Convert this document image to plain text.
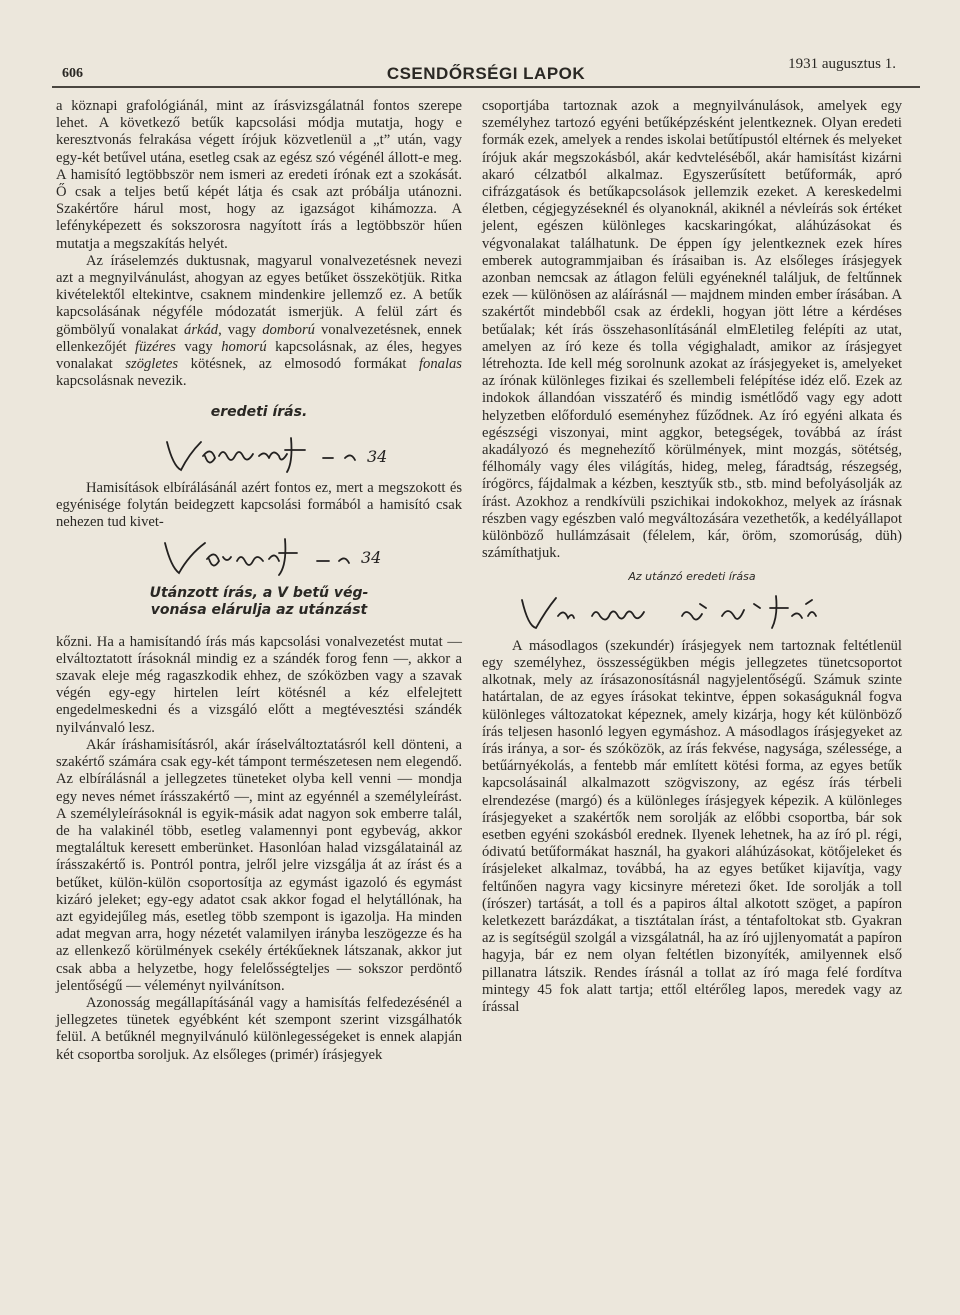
606	CSENDŐRSÉGI LAPOK	1931 augusztus 1.

a köznapi grafológiánál, mint az írásvizsgálatnál fontos szerepe lehet. A következő betűk kapcsolási módja mutatja, hogy e keresztvonás felrakása végett írójuk közvetlenül a „t” után, vagy egy-két betűvel utána, esetleg csak az egész szó végénél állott-e meg. A hamisító legtöbbször nem ismeri az eredeti írónak ezt a szokását. Ő csak a teljes betű képét látja és csak azt próbálja utánozni. Szakértőre hárul most, hogy az igazságot kihámozza. A lefényképezett és sokszorosra nagyított írás a legtöbbször hűen mutatja a megszakítás helyét.

Az íráselemzés duktusnak, magyarul vonalvezetésnek nevezi azt a megnyilvánulást, ahogyan az egyes betűket összekötjük. Ritka kivételektől eltekintve, csaknem mindenkire jellemző ez. A betűk kapcsolásának négyféle módozatát ismerjük. A felül zárt és gömbölyű vonalakat árkád, vagy domború vonalvezetésnek, ennek ellenkezőjét füzéres vagy homorú kapcsolásnak, az éles, hegyes vonalakat szögletes kötésnek, az elmosodó formákat fonalas kapcsolásnak nevezik.

eredeti írás.
34

Hamisítások elbírálásánál azért fontos ez, mert a megszokott és egyénisége folytán beidegzett kapcsolási formából a hamisító csak nehezen tud kivet-

34
Utánzott írás, a V betű vég-
vonása elárulja az utánzást

kőzni. Ha a hamisítandó írás más kapcsolási vonalvezetést mutat — elváltoztatott írásoknál mindig ez a szándék forog fenn —, akkor a szavak eleje még ragaszkodik ehhez, de szóközben vagy a szavak végén egy-egy hirtelen leírt kötésnél a kéz elfelejtett engedelmeskedni és a vizsgáló előtt a megtévesztési szándék nyilvánvaló lesz.

Akár íráshamisításról, akár íráselváltoztatásról kell dönteni, a szakértő számára csak egy-két támpont természetesen nem elegendő. Az elbírálásnál a jellegzetes tüneteket olyba kell venni — mondja egy neves német írásszakértő —, mint az egyénnél a személyleírást. A személyleírásoknál is egyik-másik adat nagyon sok emberre talál, de ha valakinél több, esetleg valamennyi pont egybevág, akkor megtaláltuk keresett emberünket. Hasonlóan halad vizsgálatainál az írásszakértő is. Pontról pontra, jelről jelre vizsgálja át az írást és a betűket, külön-külön csoportosítja az egymást igazoló és egymást kizáró jeleket; egy-egy adatot csak akkor fogad el helytállónak, ha azt egyidejűleg más, esetleg több szempont is igazolja. Ha minden adat megvan arra, hogy nézetét valamilyen irányba leszögezze és ha az ellenkező körülmények csekély értékűeknek látszanak, akkor jut csak abba a helyzetbe, hogy felelősségteljes — sokszor perdöntő jelentőségű — véleményt nyilvánítson.

Azonosság megállapításánál vagy a hamisítás felfedezésénél a jellegzetes tünetek egyébként két szempont szerint vizsgálhatók felül. A betűknél megnyilvánuló különlegességeket is ennek alapján két csoportba soroljuk. Az elsőleges (primér) írásjegyek

csoportjába tartoznak azok a megnyilvánulások, amelyek egy személyhez tartozó egyéni betűképzésként jelentkeznek. Olyan eredeti formák ezek, amelyek a rendes iskolai betűtípustól eltérnek és melyeket írójuk akár megszokásból, akár kedvteléséből, akár hamisítást kizárni akaró célzatból alkalmaz. Egyszerűsített betűformák, apró cifrázgatások és betűkapcsolások jellemzik ezeket. A kereskedelmi életben, cégjegyzéseknél és olyanoknál, akiknél a névleírás sok értéket jelent, egészen különleges kacskaringókat, aláhúzásokat és végvonalakat találhatunk. De éppen így jelentkeznek ezek híres emberek autogrammjaiban és írásaiban is. Az elsőleges írásjegyek azonban nemcsak az átlagon felüli egyéneknél találjuk, de feltűnnek ezek — különösen az aláírásnál — majdnem minden ember írásában. A szakértőt mindebből csak az érdekli, hogyan jött létre a kérdéses betűalak; két írás összehasonlításánál elmEletileg felépíti az utat, amelyen az író keze és tolla végighaladt, amikor az írásjegyet létrehozta. Ide kell még sorolnunk azokat az írásjegyeket is, amelyeket az írónak különleges fizikai és szellembeli felépítése idéz elő. Ezek az indokok állandóan visszatérő és mindig ismétlődő vagy egy adott helyzetben előforduló eseményhez fűződnek. Az író egyéni alkata és egészségi viszonyai, mint aggkor, betegségek, továbbá az írást akadályozó és megnehezítő körülmények, mint mozgás, sötétség, félhomály vagy éles világítás, hideg, meleg, fáradtság, részegség, írógörcs, fájdalmak a kézben, kesztyűk stb., stb. mind befolyásolják az írást. Azokhoz a rendkívüli pszichikai indokokhoz, melyek az írásnak részben vagy egészben való megváltozására vezethetők, a kedélyállapot különböző hullámzásait (félelem, kár, öröm, szomorúság, düh) számíthatjuk.

Az utánzó eredeti írása

A másodlagos (szekundér) írásjegyek nem tartoznak feltétlenül egy személyhez, összességükben mégis jellegzetes tünetcsoportot alkotnak, mely az írásazonosításnál nagyjelentőségű. Számuk szinte határtalan, de az egyes írásokat tekintve, éppen sokaságuknál fogva különleges változatokat képeznek, amely kizárja, hogy két különböző írás teljesen hasonló legyen egymáshoz. A másodlagos írásjegyeket az írás iránya, a sor- és szóközök, az írás fekvése, nagysága, szélessége, a betűárnyékolás, a fentebb már említett kötési forma, az egyes betűk kapcsolásainál alkalmazott szögviszony, az egész írás térbeli elrendezése (margó) és a különleges írásjegyek képezik. A különleges írásjegyeket a szakértők nem sorolják az előbbi csoportba, bár sok esetben egyéni szokásból erednek. Ilyenek lehetnek, ha az író pl. régi, ódivatú betűformákat használ, ha gyakori aláhúzásokat, kötőjeleket és írásjeleket alkalmaz, továbbá, ha az egyes betűket kijavítja, vagy feltűnően nagyra vagy kicsinyre méretezi őket. Ide sorolják a toll (írószer) tartását, a toll és a papiros által alkotott szöget, a papíron keletkezett barázdákat, a tisztátalan írást, a téntafoltokat stb. Gyakran az is segítségül szolgál a vizsgálatnál, ha az író ujjlenyomatát a papíron hagyja, bár ez nem olyan feltétlen bizonyíték, amilyennek első pillanatra látszik. Rendes írásnál a tollat az író maga felé fordítva mintegy 45 fok alatt tartja; ettől eltérőleg lapos, meredek vagy az írással
